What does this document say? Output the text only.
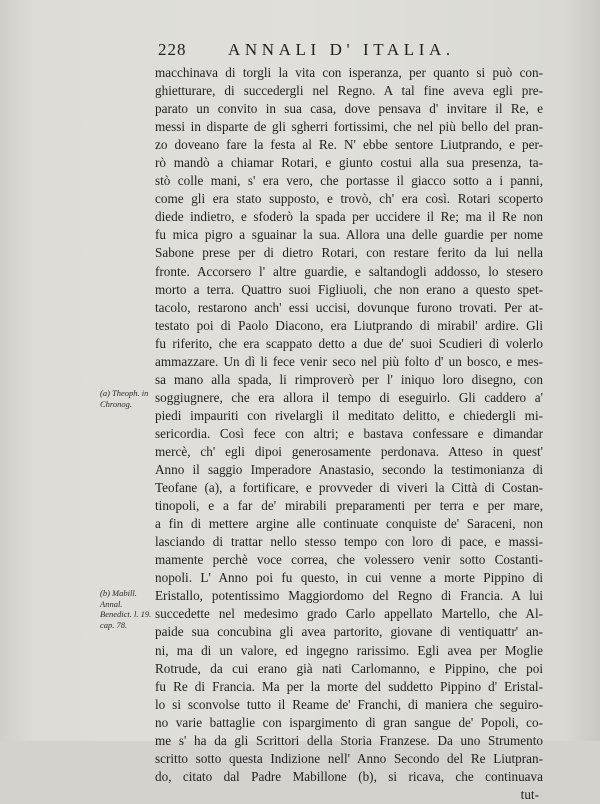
228 ANNALI D' ITALIA.
(a) Theoph. in Chronog.
(b) Mabill. Annal. Benedict. l. 19. cap. 78.
macchinava di torgli la vita con isperanza, per quanto si può con-
ghietturare, di succedergli nel Regno. A tal fine aveva egli pre-
parato un convito in sua casa, dove pensava d' invitare il Re, e
messi in disparte de gli sgherri fortissimi, che nel più bello del pran-
zo doveano fare la festa al Re. N' ebbe sentore Liutprando, e per-
rò mandò a chiamar Rotari, e giunto costui alla sua presenza, ta-
stò colle mani, s' era vero, che portasse il giacco sotto a i panni,
come gli era stato supposto, e trovò, ch' era così. Rotari scoperto
diede indietro, e sfoderò la spada per uccidere il Re; ma il Re non
fu mica pigro a sguainar la sua. Allora una delle guardie per nome
Sabone prese per di dietro Rotari, con restare ferito da lui nella
fronte. Accorsero l' altre guardie, e saltandogli addosso, lo stesero
morto a terra. Quattro suoi Figliuoli, che non erano a questo spet-
tacolo, restarono anch' essi uccisi, dovunque furono trovati. Per at-
testato poi di Paolo Diacono, era Liutprando di mirabil' ardire. Gli
fu riferito, che era scappato detto a due de' suoi Scudieri di volerlo
ammazzare. Un dì li fece venir seco nel più folto d' un bosco, e mes-
sa mano alla spada, li rimproverò per l' iniquo loro disegno, con
soggiugnere, che era allora il tempo di eseguirlo. Gli caddero a'
piedi impauriti con rivelargli il meditato delitto, e chiedergli mi-
sericordia. Così fece con altri; e bastava confessare e dimandar
mercè, ch' egli dipoi generosamente perdonava. Atteso in quest'
Anno il saggio Imperadore Anastasio, secondo la testimonianza di
Teofane (a), a fortificare, e provveder di viveri la Città di Costan-
tinopoli, e a far de' mirabili preparamenti per terra e per mare,
a fin di mettere argine alle continuate conquiste de' Saraceni, non
lasciando di trattar nello stesso tempo con loro di pace, e massi-
mamente perchè voce correa, che volessero venir sotto Costanti-
nopoli. L' Anno poi fu questo, in cui venne a morte Pippino di
Eristallo, potentissimo Maggiordomo del Regno di Francia. A lui
succedette nel medesimo grado Carlo appellato Martello, che Al-
paide sua concubina gli avea partorito, giovane di ventiquattr' an-
ni, ma di un valore, ed ingegno rarissimo. Egli avea per Moglie
Rotrude, da cui erano già nati Carlomanno, e Pippino, che poi
fu Re di Francia. Ma per la morte del suddetto Pippino d' Eristal-
lo si sconvolse tutto il Reame de' Franchi, di maniera che seguiro-
no varie battaglie con ispargimento di gran sangue de' Popoli, co-
me s' ha da gli Scrittori della Storia Franzese. Da uno Strumento
scritto sotto questa Indizione nell' Anno Secondo del Re Liutpran-
do, citato dal Padre Mabillone (b), si ricava, che continuava
tut-
